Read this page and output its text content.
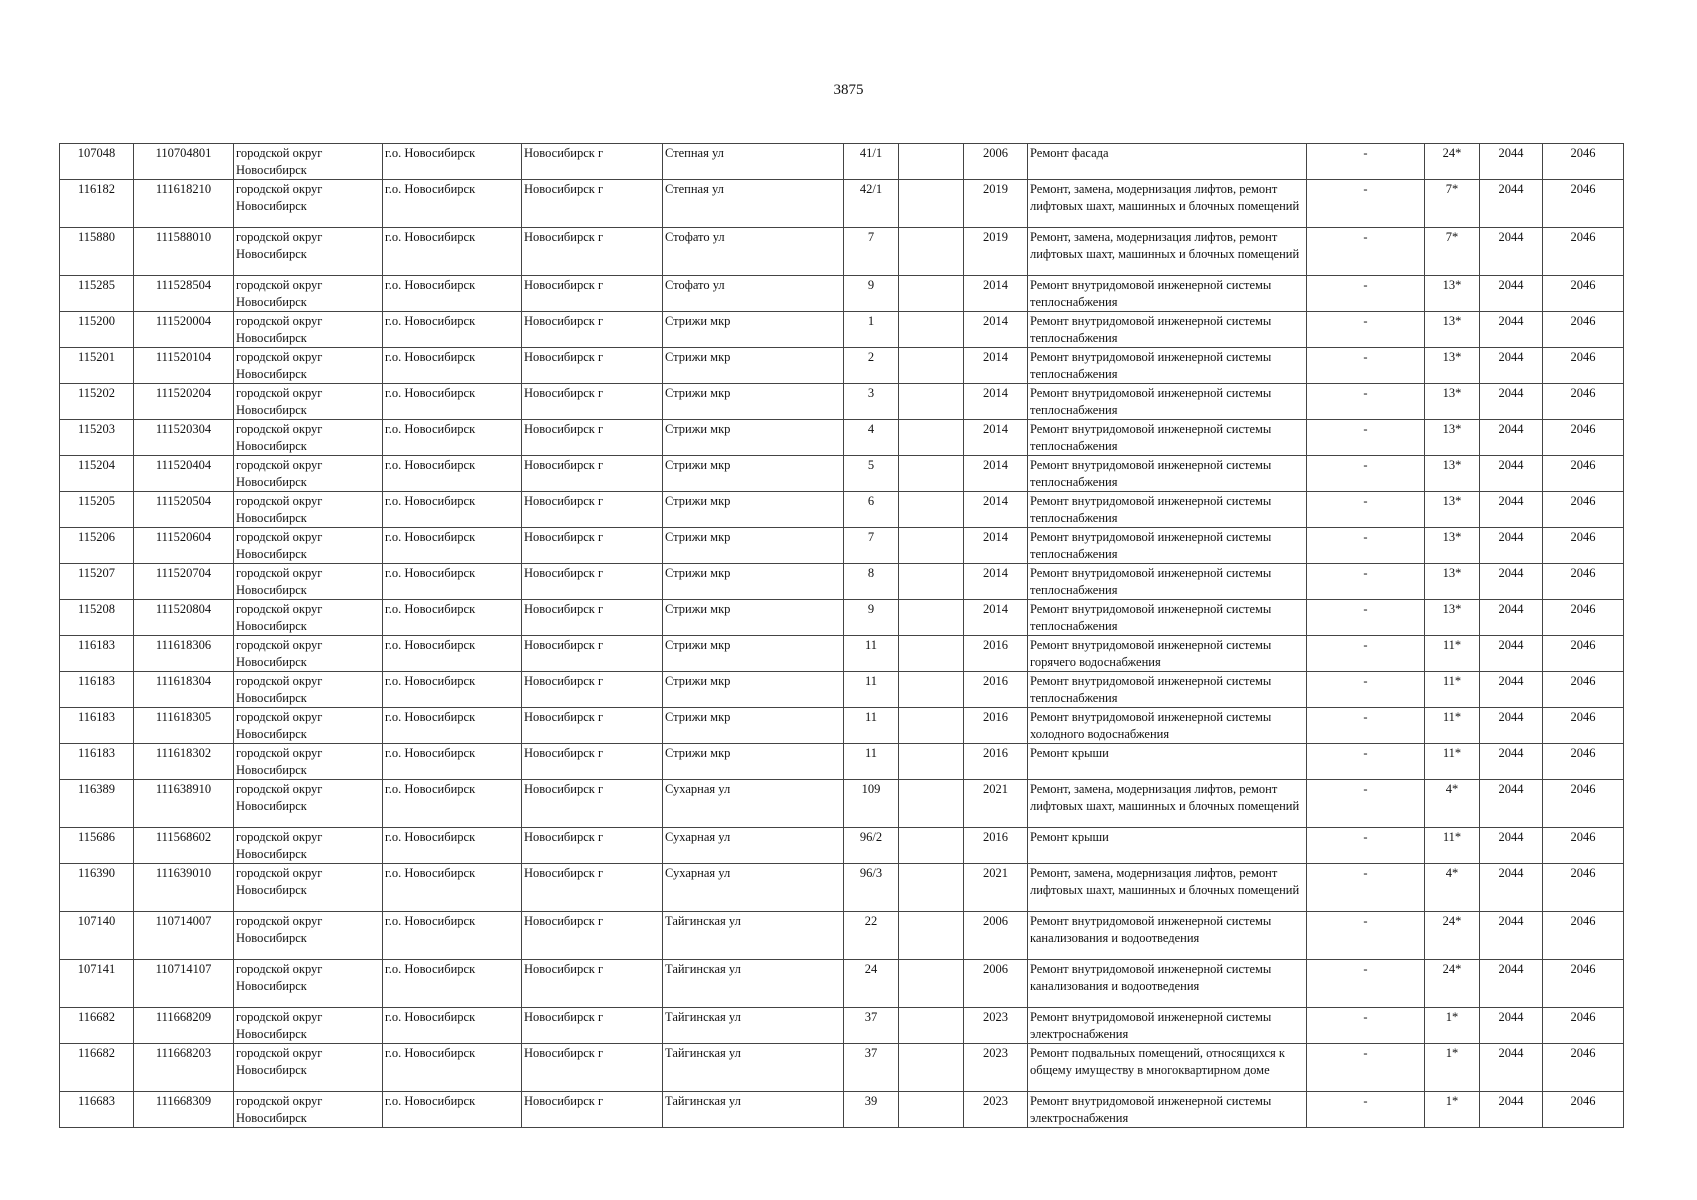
3875
107048	110704801	городской округ Новосибирск	г.о. Новосибирск	Новосибирск г	Степная ул	41/1		2006	Ремонт фасада	-	24*	2044	2046
116182	111618210	городской округ Новосибирск	г.о. Новосибирск	Новосибирск г	Степная ул	42/1		2019	Ремонт, замена, модернизация лифтов, ремонт лифтовых шахт, машинных и блочных помещений	-	7*	2044	2046
115880	111588010	городской округ Новосибирск	г.о. Новосибирск	Новосибирск г	Стофато ул	7		2019	Ремонт, замена, модернизация лифтов, ремонт лифтовых шахт, машинных и блочных помещений	-	7*	2044	2046
115285	111528504	городской округ Новосибирск	г.о. Новосибирск	Новосибирск г	Стофато ул	9		2014	Ремонт внутридомовой инженерной системы теплоснабжения	-	13*	2044	2046
115200	111520004	городской округ Новосибирск	г.о. Новосибирск	Новосибирск г	Стрижи мкр	1		2014	Ремонт внутридомовой инженерной системы теплоснабжения	-	13*	2044	2046
115201	111520104	городской округ Новосибирск	г.о. Новосибирск	Новосибирск г	Стрижи мкр	2		2014	Ремонт внутридомовой инженерной системы теплоснабжения	-	13*	2044	2046
115202	111520204	городской округ Новосибирск	г.о. Новосибирск	Новосибирск г	Стрижи мкр	3		2014	Ремонт внутридомовой инженерной системы теплоснабжения	-	13*	2044	2046
115203	111520304	городской округ Новосибирск	г.о. Новосибирск	Новосибирск г	Стрижи мкр	4		2014	Ремонт внутридомовой инженерной системы теплоснабжения	-	13*	2044	2046
115204	111520404	городской округ Новосибирск	г.о. Новосибирск	Новосибирск г	Стрижи мкр	5		2014	Ремонт внутридомовой инженерной системы теплоснабжения	-	13*	2044	2046
115205	111520504	городской округ Новосибирск	г.о. Новосибирск	Новосибирск г	Стрижи мкр	6		2014	Ремонт внутридомовой инженерной системы теплоснабжения	-	13*	2044	2046
115206	111520604	городской округ Новосибирск	г.о. Новосибирск	Новосибирск г	Стрижи мкр	7		2014	Ремонт внутридомовой инженерной системы теплоснабжения	-	13*	2044	2046
115207	111520704	городской округ Новосибирск	г.о. Новосибирск	Новосибирск г	Стрижи мкр	8		2014	Ремонт внутридомовой инженерной системы теплоснабжения	-	13*	2044	2046
115208	111520804	городской округ Новосибирск	г.о. Новосибирск	Новосибирск г	Стрижи мкр	9		2014	Ремонт внутридомовой инженерной системы теплоснабжения	-	13*	2044	2046
116183	111618306	городской округ Новосибирск	г.о. Новосибирск	Новосибирск г	Стрижи мкр	11		2016	Ремонт внутридомовой инженерной системы горячего водоснабжения	-	11*	2044	2046
116183	111618304	городской округ Новосибирск	г.о. Новосибирск	Новосибирск г	Стрижи мкр	11		2016	Ремонт внутридомовой инженерной системы теплоснабжения	-	11*	2044	2046
116183	111618305	городской округ Новосибирск	г.о. Новосибирск	Новосибирск г	Стрижи мкр	11		2016	Ремонт внутридомовой инженерной системы холодного водоснабжения	-	11*	2044	2046
116183	111618302	городской округ Новосибирск	г.о. Новосибирск	Новосибирск г	Стрижи мкр	11		2016	Ремонт крыши	-	11*	2044	2046
116389	111638910	городской округ Новосибирск	г.о. Новосибирск	Новосибирск г	Сухарная ул	109		2021	Ремонт, замена, модернизация лифтов, ремонт лифтовых шахт, машинных и блочных помещений	-	4*	2044	2046
115686	111568602	городской округ Новосибирск	г.о. Новосибирск	Новосибирск г	Сухарная ул	96/2		2016	Ремонт крыши	-	11*	2044	2046
116390	111639010	городской округ Новосибирск	г.о. Новосибирск	Новосибирск г	Сухарная ул	96/3		2021	Ремонт, замена, модернизация лифтов, ремонт лифтовых шахт, машинных и блочных помещений	-	4*	2044	2046
107140	110714007	городской округ Новосибирск	г.о. Новосибирск	Новосибирск г	Тайгинская ул	22		2006	Ремонт внутридомовой инженерной системы канализования и водоотведения	-	24*	2044	2046
107141	110714107	городской округ Новосибирск	г.о. Новосибирск	Новосибирск г	Тайгинская ул	24		2006	Ремонт внутридомовой инженерной системы канализования и водоотведения	-	24*	2044	2046
116682	111668209	городской округ Новосибирск	г.о. Новосибирск	Новосибирск г	Тайгинская ул	37		2023	Ремонт внутридомовой инженерной системы электроснабжения	-	1*	2044	2046
116682	111668203	городской округ Новосибирск	г.о. Новосибирск	Новосибирск г	Тайгинская ул	37		2023	Ремонт подвальных помещений, относящихся к общему имуществу в многоквартирном доме	-	1*	2044	2046
116683	111668309	городской округ Новосибирск	г.о. Новосибирск	Новосибирск г	Тайгинская ул	39		2023	Ремонт внутридомовой инженерной системы электроснабжения	-	1*	2044	2046
